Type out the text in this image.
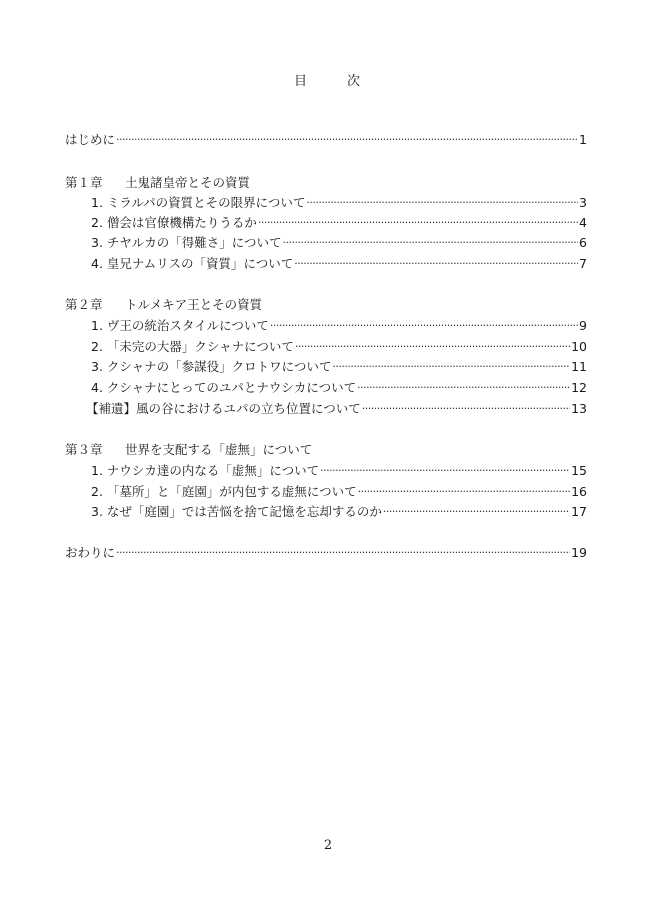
目	次
はじめに ·····	1
第１章 土鬼諸皇帝とその資質
1. ミラルパの資質とその限界について ·····	3
2. 僧会は官僚機構たりうるか ·····	4
3. チヤルカの「得難さ」について ·····	6
4. 皇兄ナムリスの「資質」について ·····	7
第２章 トルメキア王とその資質
1. ヴ王の統治スタイルについて ·····	9
2. 「未完の大器」クシャナについて ·····	10
3. クシャナの「参謀役」クロトワについて ·····	11
4. クシャナにとってのユパとナウシカについて ·····	12
【補遺】風の谷におけるユパの立ち位置について ·····	13
第３章 世界を支配する「虚無」について
1. ナウシカ達の内なる「虚無」について ·····	15
2. 「墓所」と「庭園」が内包する虚無について ·····	16
3. なぜ「庭園」では苦悩を捨て記憶を忘却するのか ·····	17
おわりに ·····	19
2
